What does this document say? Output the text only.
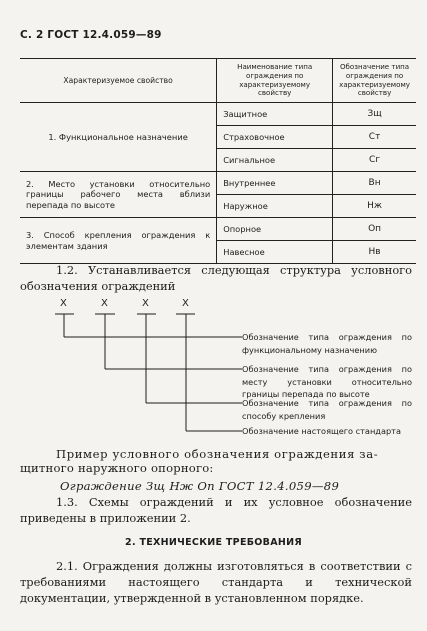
С. 2 ГОСТ 12.4.059—89
Характеризуемое свойство	Наименование типа ограждения по характеризуемому свойству	Обозначение типа ограждения по характеризуемому свойству
1. Функциональное назначение	Защитное	Зщ
	Страховочное	Ст
	Сигнальное	Сг
2. Место установки относительно границы рабочего места вблизи перепада по высоте	Внутреннее	Вн
	Наружное	Нж
3. Способ крепления ограждения к элементам здания	Опорное	Оп
	Навесное	Нв
1.2. Устанавливается следующая структура условного обозначения ограждений
X	X	X	X
Обозначение типа ограждения по функциональному назначению
Обозначение типа ограждения по месту установки относительно границы перепада по высоте
Обозначение типа ограждения по способу крепления
Обозначение настоящего стандарта
Пример условного обозначения ограждения за-
щитного наружного опорного:
Ограждение Зщ Нж Оп ГОСТ 12.4.059—89
1.3. Схемы ограждений и их условное обозначение приведены в приложении 2.
2. ТЕХНИЧЕСКИЕ ТРЕБОВАНИЯ
2.1. Ограждения должны изготовляться в соответствии с требованиями настоящего стандарта и технической документации, утвержденной в установленном порядке.
